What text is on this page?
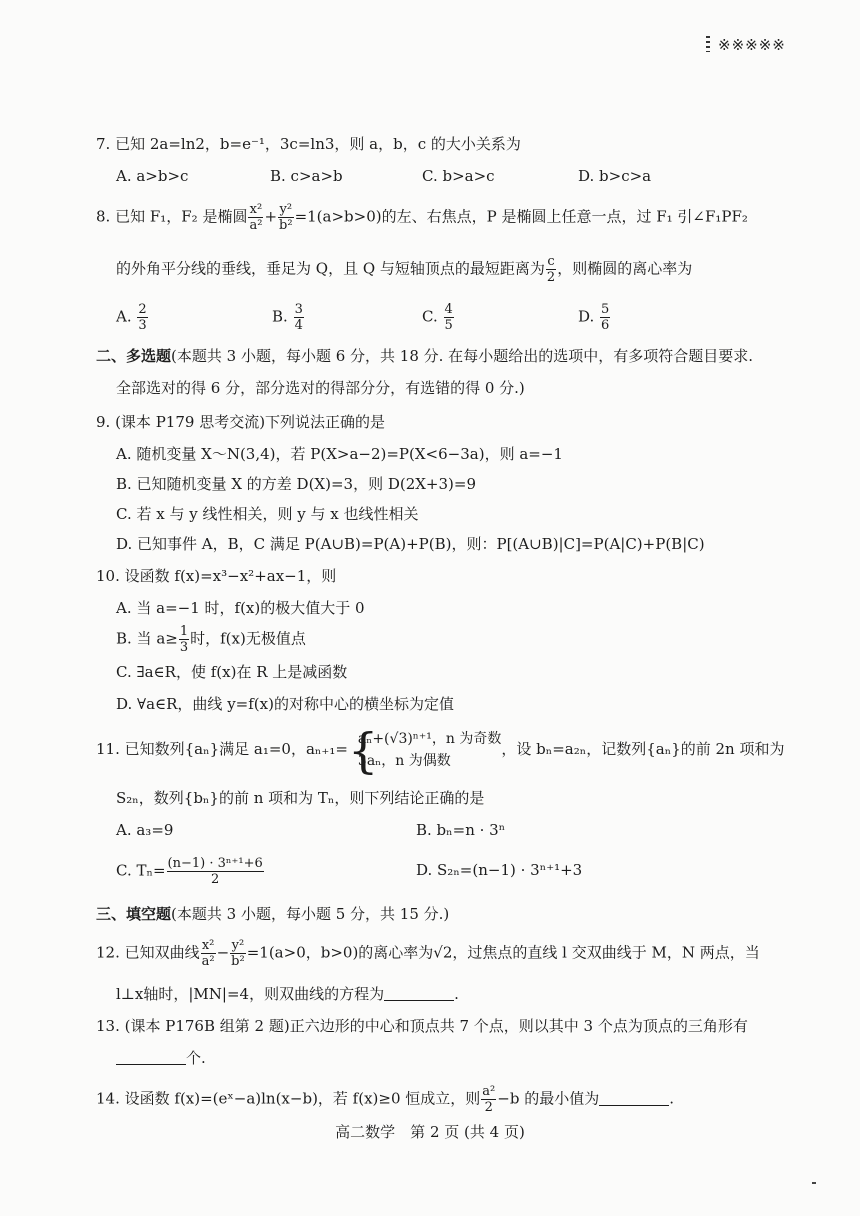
※※※※※
7. 已知 2a=ln2，b=e⁻¹，3c=ln3，则 a，b，c 的大小关系为
A. a>b>c	B. c>a>b	C. b>a>c	D. b>c>a
8. 已知 F₁，F₂ 是椭圆 $\frac{\text{x²}}{\text{a²}} + \frac{\text{y²}}{\text{b²}} =1(a>b>0)$的左、右焦点，P 是椭圆上任意一点，过 F₁ 引∠F₁PF₂
的外角平分线的垂线，垂足为 Q，且 Q 与短轴顶点的最短距离为 $\frac{c}{2}$ ，则椭圆的离心率为
A. $\frac{2}{3}$	B. $\frac{3}{4}$	C. $\frac{4}{5}$	D. $\frac{5}{6}$
二、多选题(本题共 3 小题，每小题 6 分，共 18 分. 在每小题给出的选项中，有多项符合题目要求.
全部选对的得 6 分，部分选对的得部分分，有选错的得 0 分.)
9. (课本 P179 思考交流)下列说法正确的是
A. 随机变量 X～N(3,4)，若 P(X>a−2)=P(X<6−3a)，则 a=−1
B. 已知随机变量 X 的方差 D(X)=3，则 D(2X+3)=9
C. 若 x 与 y 线性相关，则 y 与 x 也线性相关
D. 已知事件 A，B，C 满足 P(A∪B)=P(A)+P(B)，则：P[(A∪B)|C]=P(A|C)+P(B|C)
10. 设函数 f(x)=x³−x²+ax−1，则
A. 当 a=−1 时，f(x)的极大值大于 0
B. 当 $a\ge \frac{1}{3}$ 时，f(x)无极值点
C. ∃a∈R，使 f(x)在 R 上是减函数
D. ∀a∈R，曲线 y=f(x)的对称中心的横坐标为定值
11. 已知数列{aₙ}满足 a₁=0，aₙ₊₁= {
aₙ+(√3)ⁿ⁺¹，n 为奇数
3aₙ，n 为偶数
，设 bₙ=a₂ₙ，记数列{aₙ}的前 2n 项和为
S₂ₙ，数列{bₙ}的前 n 项和为 Tₙ，则下列结论正确的是
A. a₃=9	B. bₙ=n · 3ⁿ
C. $T_n= \frac{\text{(n−1) · 3ⁿ⁺¹+6}}{2}$	D. S₂ₙ=(n−1) · 3ⁿ⁺¹+3
三、填空题(本题共 3 小题，每小题 5 分，共 15 分.)
12. 已知双曲线 $\frac{\text{x²}}{\text{a²}} - \frac{\text{y²}}{\text{b²}} =1(a>0$，b>0)的离心率为√2，过焦点的直线 l 交双曲线于 M，N 两点，当
l⊥x轴时，|MN|=4，则双曲线的方程为	.
13. (课本 P176B 组第 2 题)正六边形的中心和顶点共 7 个点，则以其中 3 个点为顶点的三角形有
个.
14. 设函数 f(x)=(eˣ−a)ln(x−b)，若 f(x)≥0 恒成立，则 $\frac{\text{a²}}{2} -b$ 的最小值为	.
高二数学　第 2 页 (共 4 页)
